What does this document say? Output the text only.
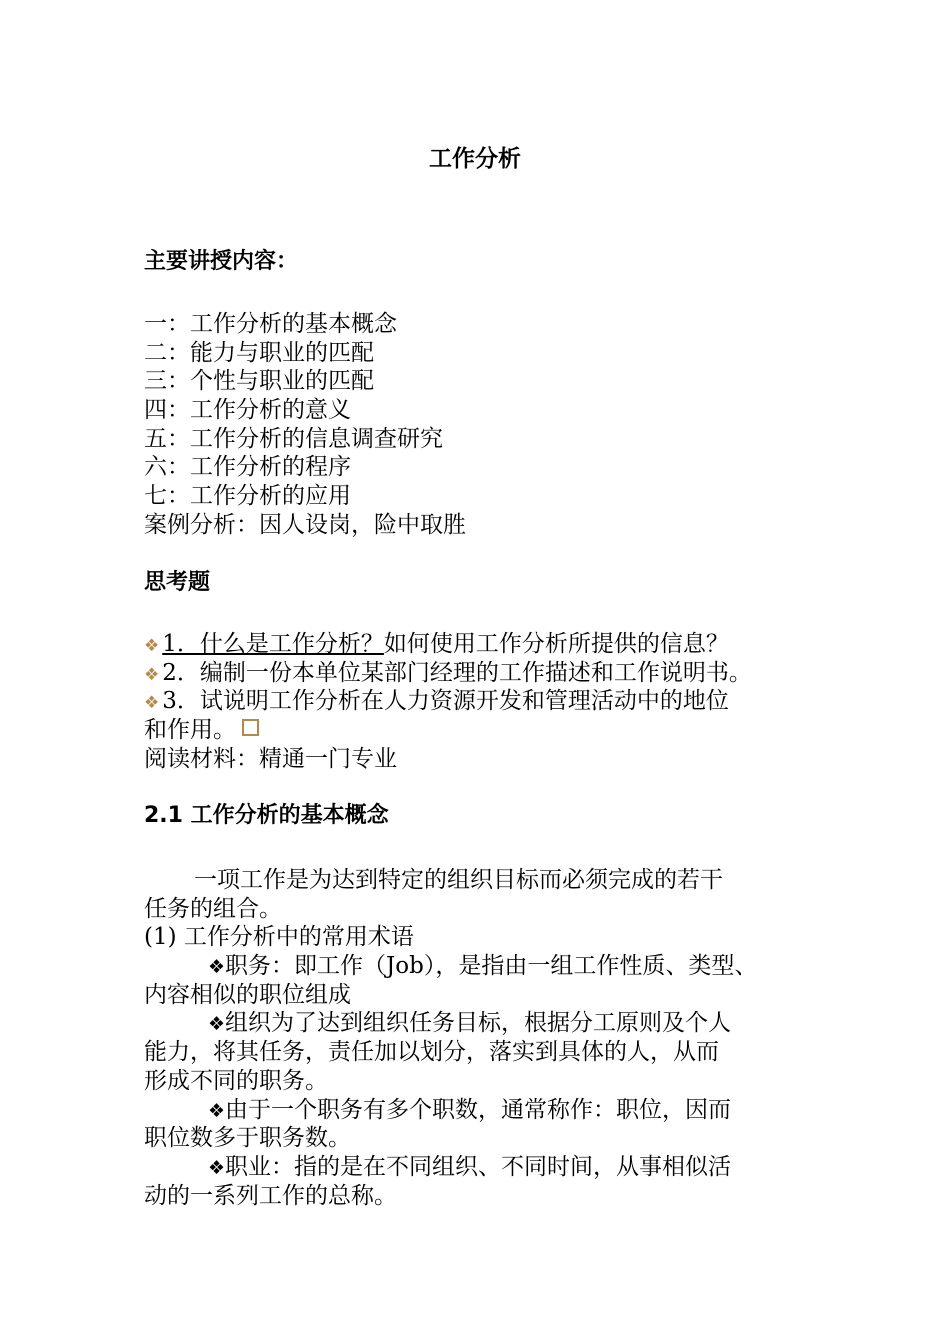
工作分析
主要讲授内容：
一：工作分析的基本概念
二：能力与职业的匹配
三：个性与职业的匹配
四：工作分析的意义
五：工作分析的信息调查研究
六：工作分析的程序
七：工作分析的应用
案例分析：因人设岗，险中取胜
思考题
❖ 1．什么是工作分析？如何使用工作分析所提供的信息？
❖ 2．编制一份本单位某部门经理的工作描述和工作说明书。
❖ 3．试说明工作分析在人力资源开发和管理活动中的地位
和作用。
阅读材料：精通一门专业
2.1 工作分析的基本概念
一项工作是为达到特定的组织目标而必须完成的若干
任务的组合。
(1) 工作分析中的常用术语
❖职务：即工作（Job），是指由一组工作性质、类型、
内容相似的职位组成
❖组织为了达到组织任务目标，根据分工原则及个人
能力，将其任务，责任加以划分，落实到具体的人，从而
形成不同的职务。
❖由于一个职务有多个职数，通常称作：职位，因而
职位数多于职务数。
❖职业：指的是在不同组织、不同时间，从事相似活
动的一系列工作的总称。
